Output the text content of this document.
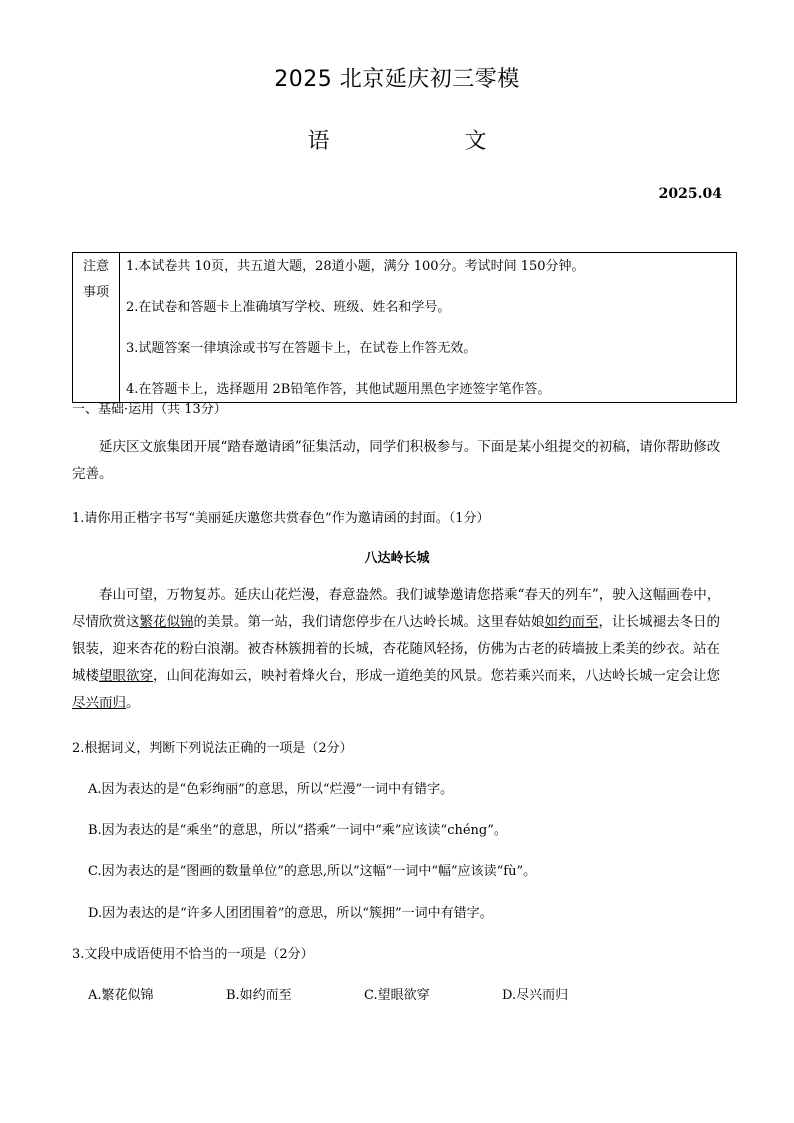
2025 北京延庆初三零模
语 文
2025.04
注意
事项

1.本试卷共 10页，共五道大题，28道小题，满分 100分。考试时间 150分钟。
2.在试卷和答题卡上准确填写学校、班级、姓名和学号。
3.试题答案一律填涂或书写在答题卡上，在试卷上作答无效。
4.在答题卡上，选择题用 2B铅笔作答，其他试题用黑色字迹签字笔作答。
一、基础·运用（共 13分）
延庆区文旅集团开展“踏春邀请函”征集活动，同学们积极参与。下面是某小组提交的初稿，请你帮助修改完善。
1.请你用正楷字书写“美丽延庆邀您共赏春色”作为邀请函的封面。（1分）
八达岭长城
春山可望，万物复苏。延庆山花烂漫，春意盎然。我们诚挚邀请您搭乘“春天的列车”，驶入这幅画卷中，尽情欣赏这繁花似锦的美景。第一站，我们请您停步在八达岭长城。这里春姑娘如约而至，让长城褪去冬日的银装，迎来杏花的粉白浪潮。被杏林簇拥着的长城，杏花随风轻扬，仿佛为古老的砖墙披上柔美的纱衣。站在城楼望眼欲穿，山间花海如云，映衬着烽火台，形成一道绝美的风景。您若乘兴而来，八达岭长城一定会让您尽兴而归。
2.根据词义，判断下列说法正确的一项是（2分）
A.因为表达的是“色彩绚丽”的意思，所以“烂漫”一词中有错字。
B.因为表达的是“乘坐”的意思，所以“搭乘”一词中“乘”应该读“chéng”。
C.因为表达的是“图画的数量单位”的意思,所以“这幅”一词中“幅”应该读“fù”。
D.因为表达的是“许多人团团围着”的意思，所以“簇拥”一词中有错字。
3.文段中成语使用不恰当的一项是（2分）
A.繁花似锦	B.如约而至	C.望眼欲穿	D.尽兴而归
